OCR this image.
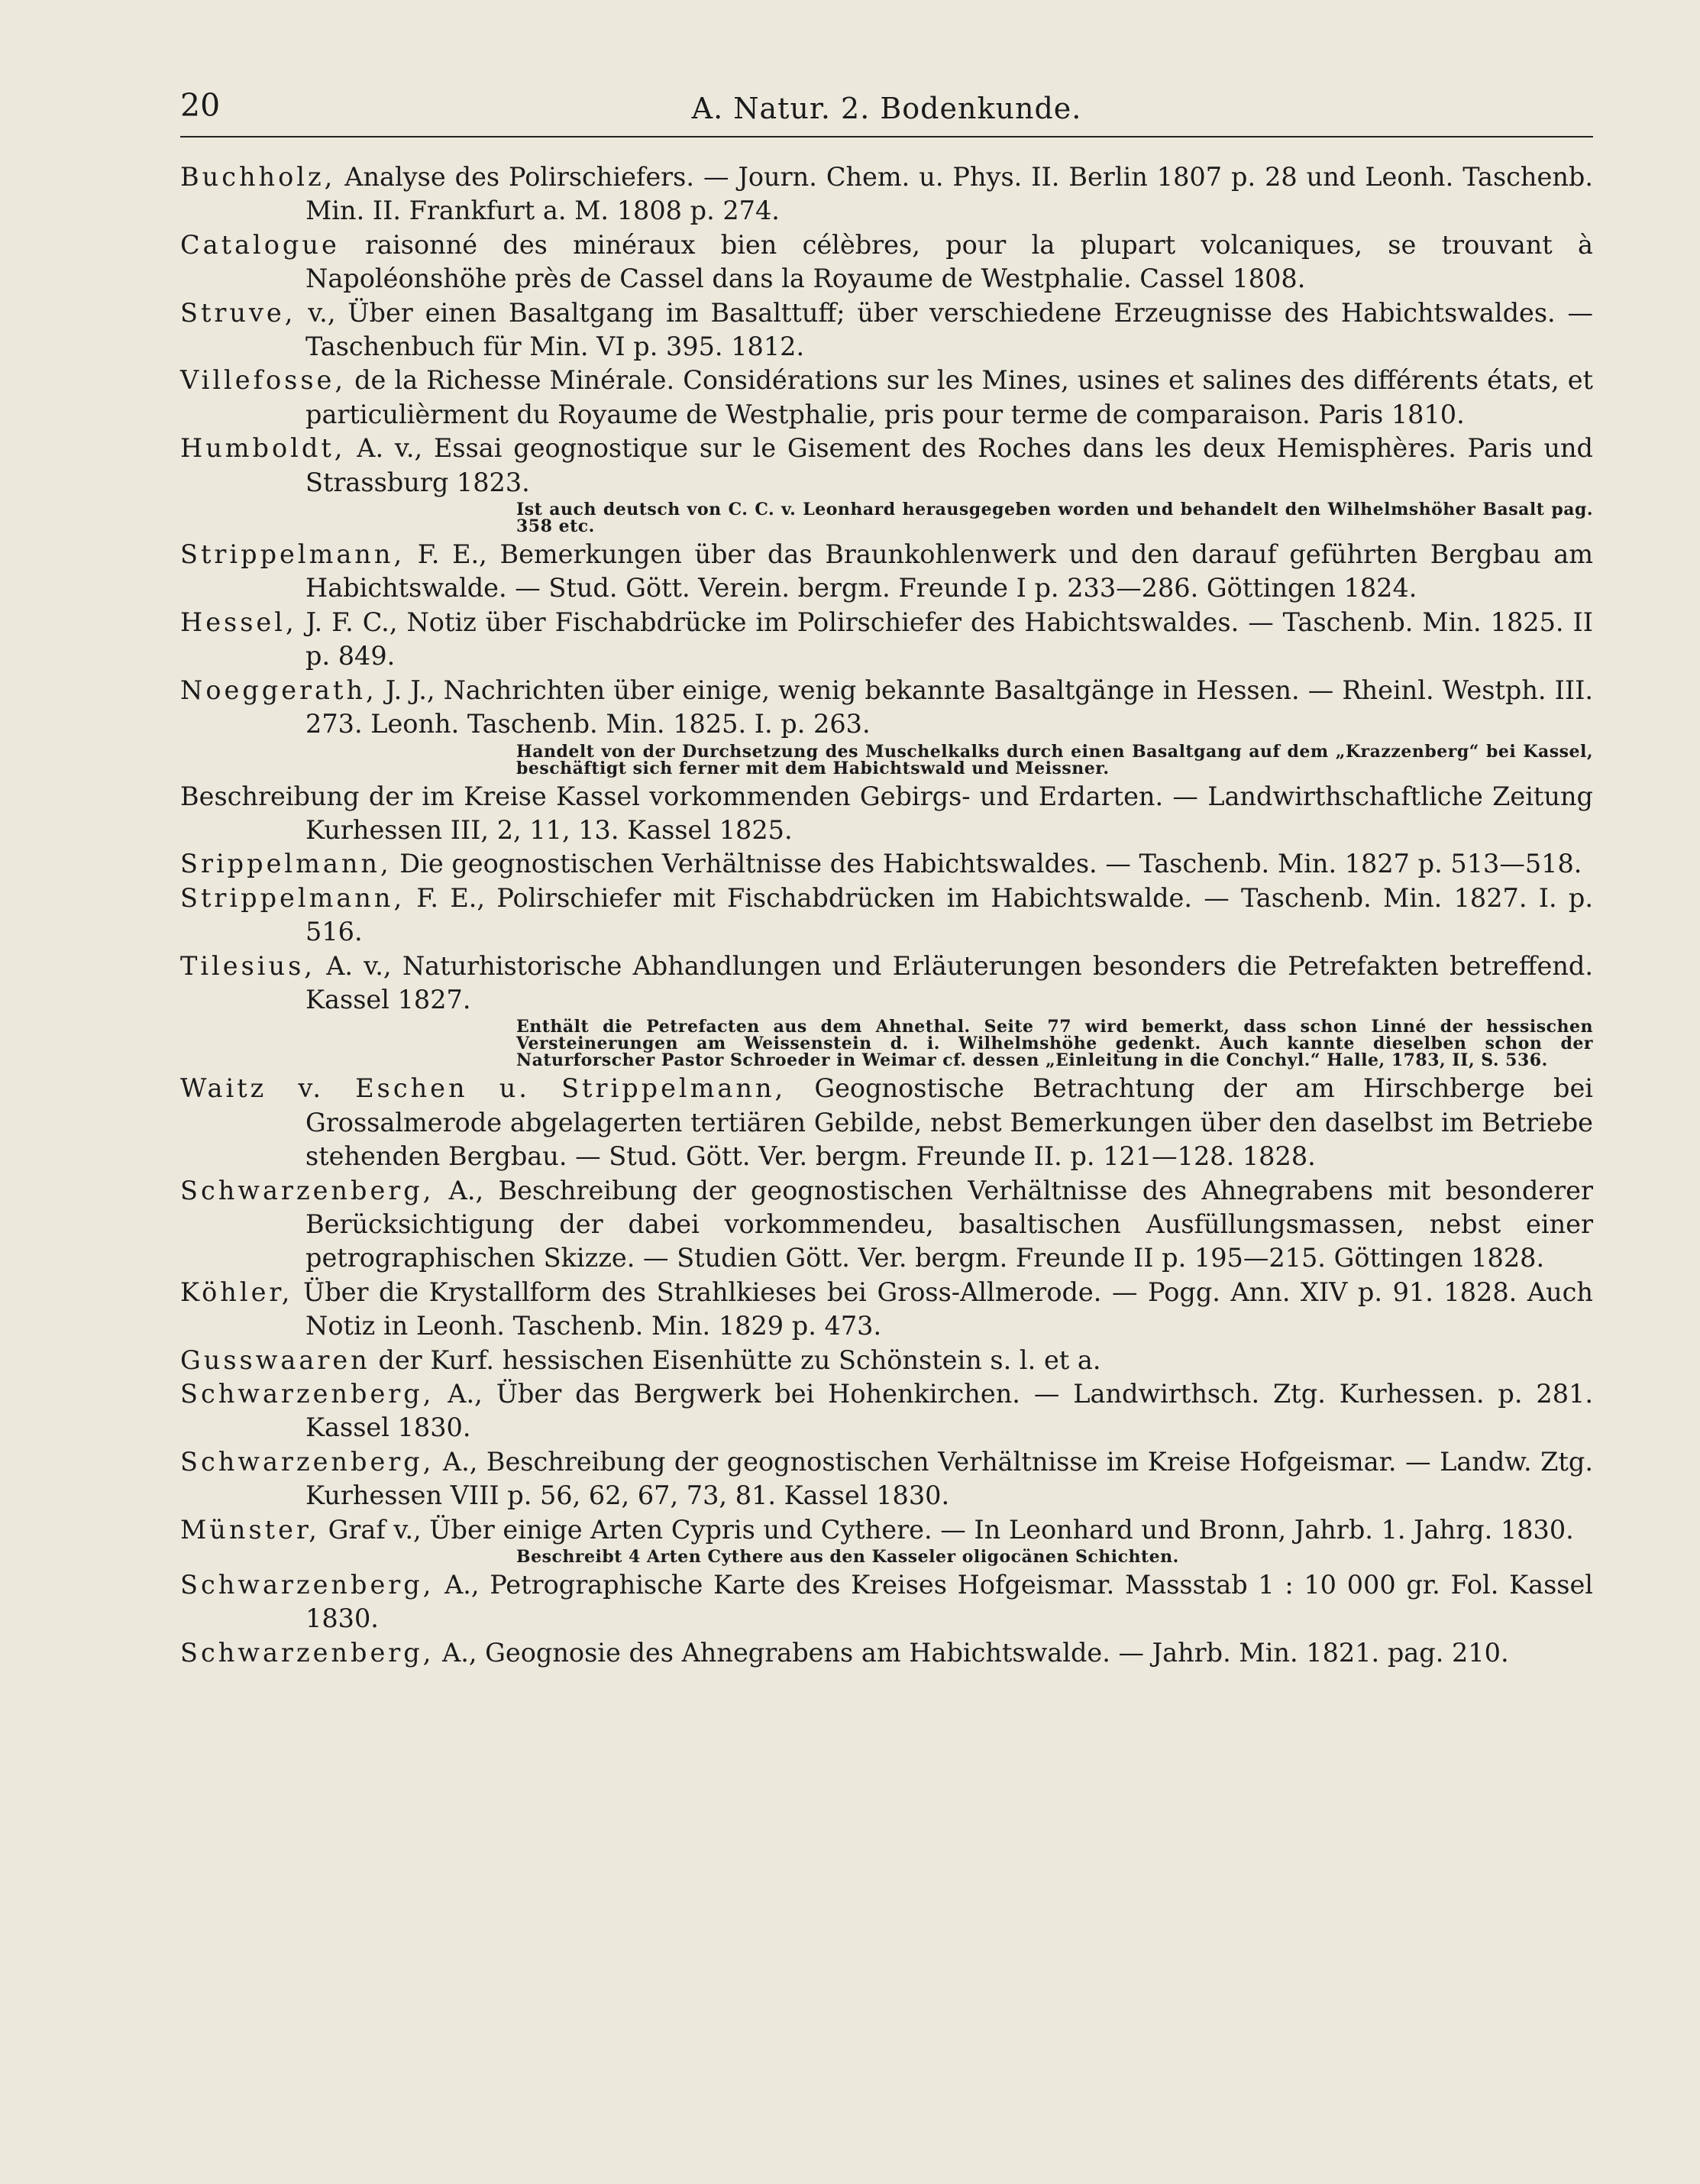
20	A. Natur. 2. Bodenkunde.
Buchholz, Analyse des Polirschiefers. — Journ. Chem. u. Phys. II. Berlin 1807 p. 28 und Leonh. Taschenb. Min. II. Frankfurt a. M. 1808 p. 274.
Catalogue raisonné des minéraux bien célèbres, pour la plupart volcaniques, se trouvant à Napoléonshöhe près de Cassel dans la Royaume de Westphalie. Cassel 1808.
Struve, v., Über einen Basaltgang im Basalttuff; über verschiedene Erzeugnisse des Habichtswaldes. — Taschenbuch für Min. VI p. 395. 1812.
Villefosse, de la Richesse Minérale. Considérations sur les Mines, usines et salines des différents états, et particulièrment du Royaume de Westphalie, pris pour terme de comparaison. Paris 1810.
Humboldt, A. v., Essai geognostique sur le Gisement des Roches dans les deux Hemisphères. Paris und Strassburg 1823.
Ist auch deutsch von C. C. v. Leonhard herausgegeben worden und behandelt den Wilhelmshöher Basalt pag. 358 etc.
Strippelmann, F. E., Bemerkungen über das Braunkohlenwerk und den darauf geführten Bergbau am Habichtswalde. — Stud. Gött. Verein. bergm. Freunde I p. 233—286. Göttingen 1824.
Hessel, J. F. C., Notiz über Fischabdrücke im Polirschiefer des Habichtswaldes. — Taschenb. Min. 1825. II p. 849.
Noeggerath, J. J., Nachrichten über einige, wenig bekannte Basaltgänge in Hessen. — Rheinl. Westph. III. 273. Leonh. Taschenb. Min. 1825. I. p. 263.
Handelt von der Durchsetzung des Muschelkalks durch einen Basaltgang auf dem „Krazzenberg“ bei Kassel, beschäftigt sich ferner mit dem Habichtswald und Meissner.
Beschreibung der im Kreise Kassel vorkommenden Gebirgs- und Erdarten. — Landwirthschaftliche Zeitung Kurhessen III, 2, 11, 13. Kassel 1825.
Srippelmann, Die geognostischen Verhältnisse des Habichtswaldes. — Taschenb. Min. 1827 p. 513—518.
Strippelmann, F. E., Polirschiefer mit Fischabdrücken im Habichtswalde. — Taschenb. Min. 1827. I. p. 516.
Tilesius, A. v., Naturhistorische Abhandlungen und Erläuterungen besonders die Petrefakten betreffend. Kassel 1827.
Enthält die Petrefacten aus dem Ahnethal. Seite 77 wird bemerkt, dass schon Linné der hessischen Versteinerungen am Weissenstein d. i. Wilhelmshöhe gedenkt. Auch kannte dieselben schon der Naturforscher Pastor Schroeder in Weimar cf. dessen „Einleitung in die Conchyl.“ Halle, 1783, II, S. 536.
Waitz v. Eschen u. Strippelmann, Geognostische Betrachtung der am Hirschberge bei Grossalmerode abgelagerten tertiären Gebilde, nebst Bemerkungen über den daselbst im Betriebe stehenden Bergbau. — Stud. Gött. Ver. bergm. Freunde II. p. 121—128. 1828.
Schwarzenberg, A., Beschreibung der geognostischen Verhältnisse des Ahnegrabens mit besonderer Berücksichtigung der dabei vorkommendeu, basaltischen Ausfüllungsmassen, nebst einer petrographischen Skizze. — Studien Gött. Ver. bergm. Freunde II p. 195—215. Göttingen 1828.
Köhler, Über die Krystallform des Strahlkieses bei Gross-Allmerode. — Pogg. Ann. XIV p. 91. 1828. Auch Notiz in Leonh. Taschenb. Min. 1829 p. 473.
Gusswaaren der Kurf. hessischen Eisenhütte zu Schönstein s. l. et a.
Schwarzenberg, A., Über das Bergwerk bei Hohenkirchen. — Landwirthsch. Ztg. Kurhessen. p. 281. Kassel 1830.
Schwarzenberg, A., Beschreibung der geognostischen Verhältnisse im Kreise Hofgeismar. — Landw. Ztg. Kurhessen VIII p. 56, 62, 67, 73, 81. Kassel 1830.
Münster, Graf v., Über einige Arten Cypris und Cythere. — In Leonhard und Bronn, Jahrb. 1. Jahrg. 1830.
Beschreibt 4 Arten Cythere aus den Kasseler oligocänen Schichten.
Schwarzenberg, A., Petrographische Karte des Kreises Hofgeismar. Massstab 1 : 10 000 gr. Fol. Kassel 1830.
Schwarzenberg, A., Geognosie des Ahnegrabens am Habichtswalde. — Jahrb. Min. 1821. pag. 210.
